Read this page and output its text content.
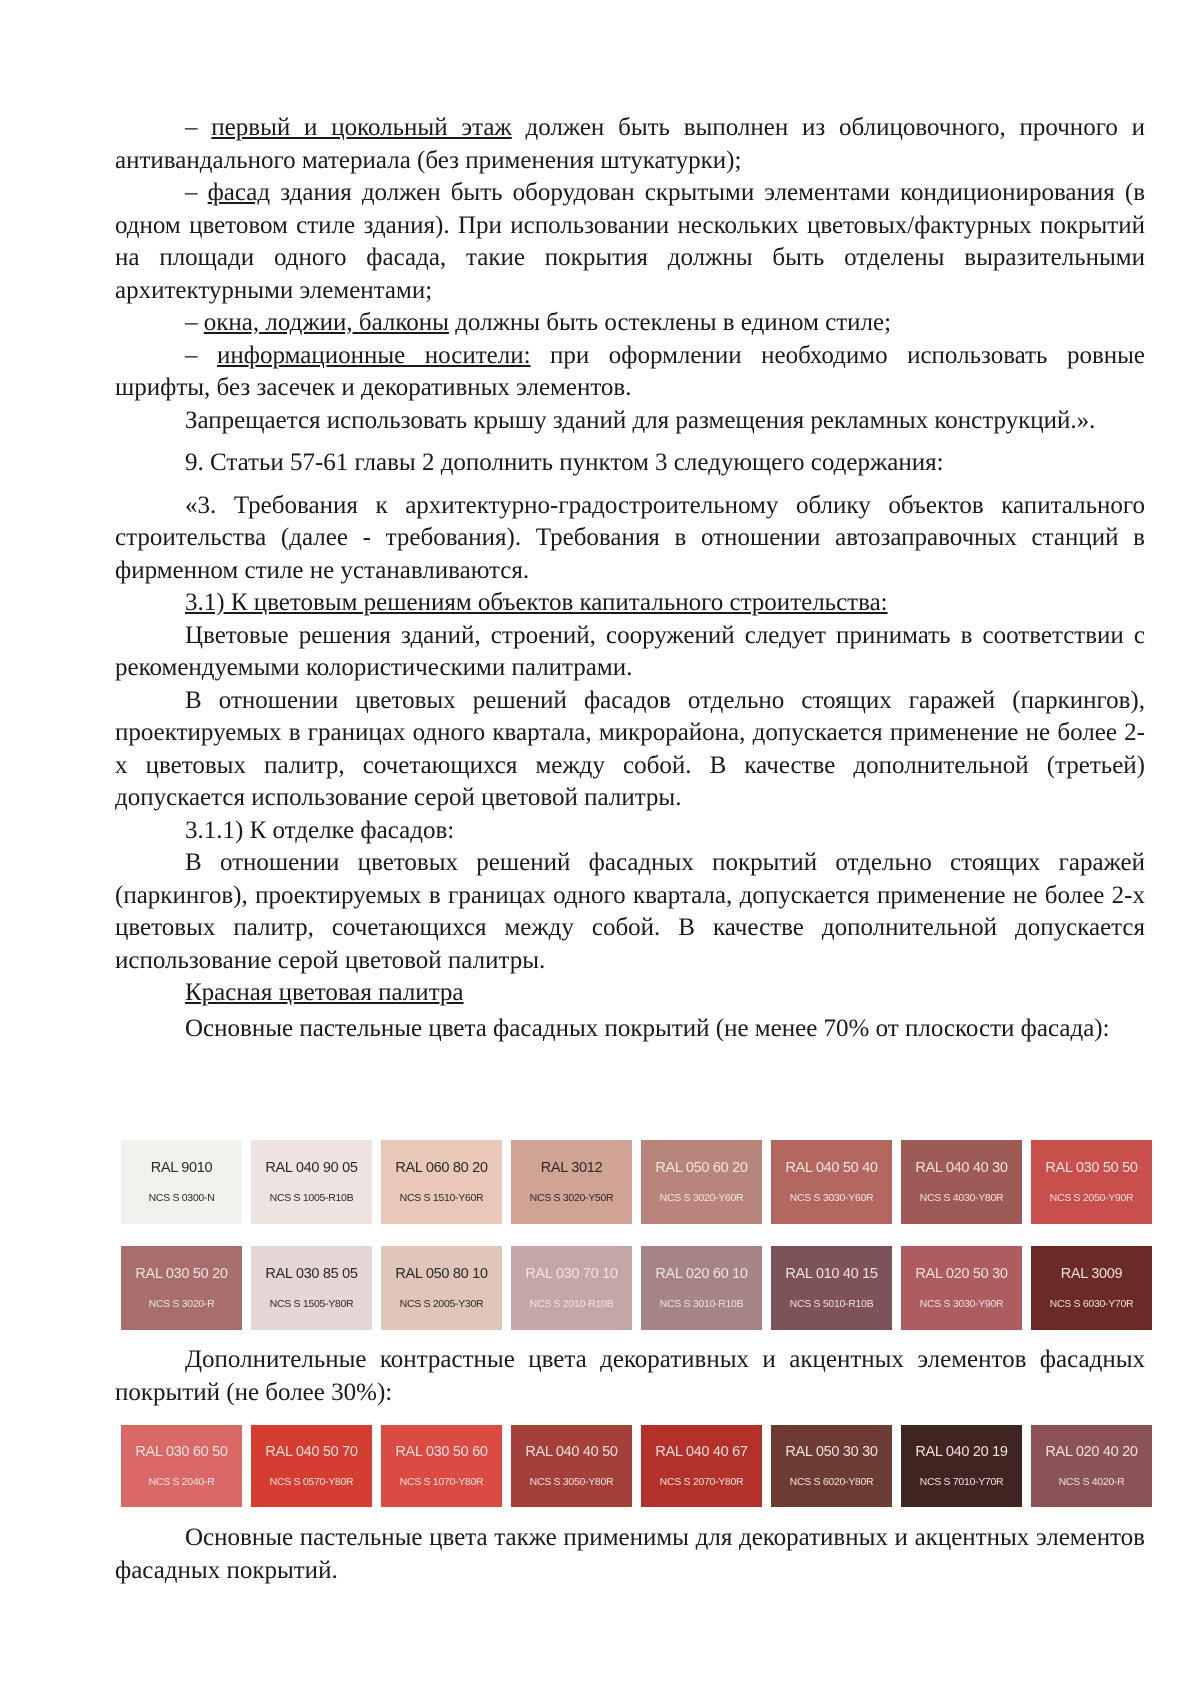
– первый и цокольный этаж должен быть выполнен из облицовочного, прочного и антивандального материала (без применения штукатурки);

– фасад здания должен быть оборудован скрытыми элементами кондиционирования (в одном цветовом стиле здания). При использовании нескольких цветовых/фактурных покрытий на площади одного фасада, такие покрытия должны быть отделены выразительными архитектурными элементами;

– окна, лоджии, балконы должны быть остеклены в едином стиле;

– информационные носители: при оформлении необходимо использовать ровные шрифты, без засечек и декоративных элементов.

Запрещается использовать крышу зданий для размещения рекламных конструкций.».

9. Статьи 57-61 главы 2 дополнить пунктом 3 следующего содержания:

«3. Требования к архитектурно-градостроительному облику объектов капитального строительства (далее - требования). Требования в отношении автозаправочных станций в фирменном стиле не устанавливаются.

3.1) К цветовым решениям объектов капитального строительства:

Цветовые решения зданий, строений, сооружений следует принимать в соответствии с рекомендуемыми колористическими палитрами.

В отношении цветовых решений фасадов отдельно стоящих гаражей (паркингов), проектируемых в границах одного квартала, микрорайона, допускается применение не более 2-х цветовых палитр, сочетающихся между собой. В качестве дополнительной (третьей) допускается использование серой цветовой палитры.

3.1.1) К отделке фасадов:

В отношении цветовых решений фасадных покрытий отдельно стоящих гаражей (паркингов), проектируемых в границах одного квартала, допускается применение не более 2-х цветовых палитр, сочетающихся между собой. В качестве дополнительной допускается использование серой цветовой палитры.

Красная цветовая палитра

Основные пастельные цвета фасадных покрытий (не менее 70% от плоскости фасада):

RAL 9010
NCS S 0300-N
RAL 040 90 05
NCS S 1005-R10B
RAL 060 80 20
NCS S 1510-Y60R
RAL 3012
NCS S 3020-Y50R
RAL 050 60 20
NCS S 3020-Y60R
RAL 040 50 40
NCS S 3030-Y60R
RAL 040 40 30
NCS S 4030-Y80R
RAL 030 50 50
NCS S 2050-Y90R
RAL 030 50 20
NCS S 3020-R
RAL 030 85 05
NCS S 1505-Y80R
RAL 050 80 10
NCS S 2005-Y30R
RAL 030 70 10
NCS S 2010-R10B
RAL 020 60 10
NCS S 3010-R10B
RAL 010 40 15
NCS S 5010-R10B
RAL 020 50 30
NCS S 3030-Y90R
RAL 3009
NCS S 6030-Y70R

Дополнительные контрастные цвета декоративных и акцентных элементов фасадных покрытий (не более 30%):

RAL 030 60 50
NCS S 2040-R
RAL 040 50 70
NCS S 0570-Y80R
RAL 030 50 60
NCS S 1070-Y80R
RAL 040 40 50
NCS S 3050-Y80R
RAL 040 40 67
NCS S 2070-Y80R
RAL 050 30 30
NCS S 6020-Y80R
RAL 040 20 19
NCS S 7010-Y70R
RAL 020 40 20
NCS S 4020-R

Основные пастельные цвета также применимы для декоративных и акцентных элементов фасадных покрытий.
